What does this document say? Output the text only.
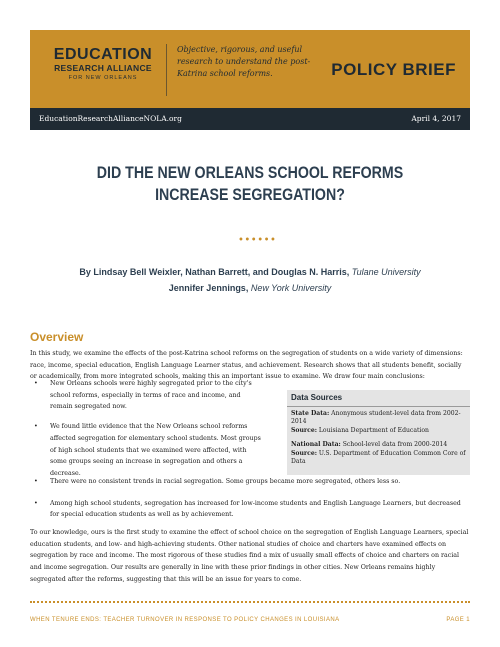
EDUCATION
RESEARCH ALLIANCE
FOR NEW ORLEANS
Objective, rigorous, and useful research to understand the post-Katrina school reforms.	POLICY BRIEF
EducationResearchAllianceNOLA.org	April 4, 2017
DID THE NEW ORLEANS SCHOOL REFORMS INCREASE SEGREGATION?
••••••
By Lindsay Bell Weixler, Nathan Barrett, and Douglas N. Harris, Tulane University
Jennifer Jennings, New York University
Overview
In this study, we examine the effects of the post-Katrina school reforms on the segregation of students on a wide variety of dimensions: race, income, special education, English Language Learner status, and achievement. Research shows that all students benefit, socially or academically, from more integrated schools, making this an important issue to examine. We draw four main conclusions:
• New Orleans schools were highly segregated prior to the city's school reforms, especially in terms of race and income, and remain segregated now.
• We found little evidence that the New Orleans school reforms affected segregation for elementary school students. Most groups of high school students that we examined were affected, with some groups seeing an increase in segregation and others a decrease.
Data Sources
State Data: Anonymous student-level data from 2002-2014
Source: Louisiana Department of Education
National Data: School-level data from 2000-2014
Source: U.S. Department of Education Common Core of Data
• There were no consistent trends in racial segregation. Some groups became more segregated, others less so.
• Among high school students, segregation has increased for low-income students and English Language Learners, but decreased for special education students as well as by achievement.
To our knowledge, ours is the first study to examine the effect of school choice on the segregation of English Language Learners, special education students, and low- and high-achieving students. Other national studies of choice and charters have examined effects on segregation by race and income. The most rigorous of these studies find a mix of usually small effects of choice and charters on racial and income segregation. Our results are generally in line with these prior findings in other cities. New Orleans remains highly segregated after the reforms, suggesting that this will be an issue for years to come.
WHEN TENURE ENDS: TEACHER TURNOVER IN RESPONSE TO POLICY CHANGES IN LOUISIANA	PAGE 1
